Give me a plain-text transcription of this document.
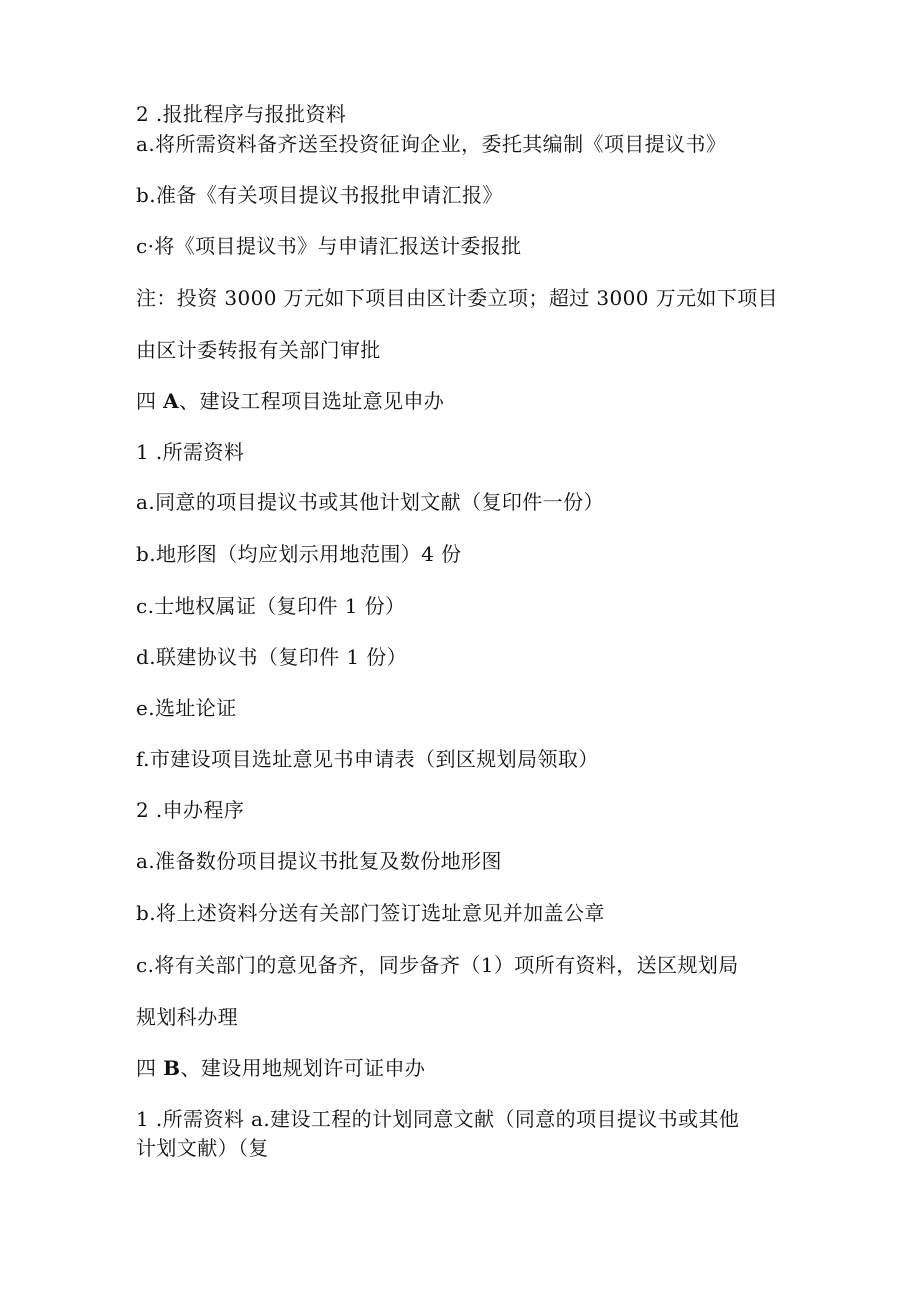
2 .报批程序与报批资料
a.将所需资料备齐送至投资征询企业，委托其编制《项目提议书》
b.准备《有关项目提议书报批申请汇报》
c·将《项目提议书》与申请汇报送计委报批
注：投资 3000 万元如下项目由区计委立项；超过 3000 万元如下项目
由区计委转报有关部门审批
四 A、建设工程项目选址意见申办
1 .所需资料
a.同意的项目提议书或其他计划文献（复印件一份）
b.地形图（均应划示用地范围）4 份
c.士地权属证（复印件 1 份）
d.联建协议书（复印件 1 份）
e.选址论证
f.市建设项目选址意见书申请表（到区规划局领取）
2 .申办程序
a.准备数份项目提议书批复及数份地形图
b.将上述资料分送有关部门签订选址意见并加盖公章
c.将有关部门的意见备齐，同步备齐（1）项所有资料，送区规划局
规划科办理
四 B、建设用地规划许可证申办
1 .所需资料 a.建设工程的计划同意文献（同意的项目提议书或其他
计划文献）（复
